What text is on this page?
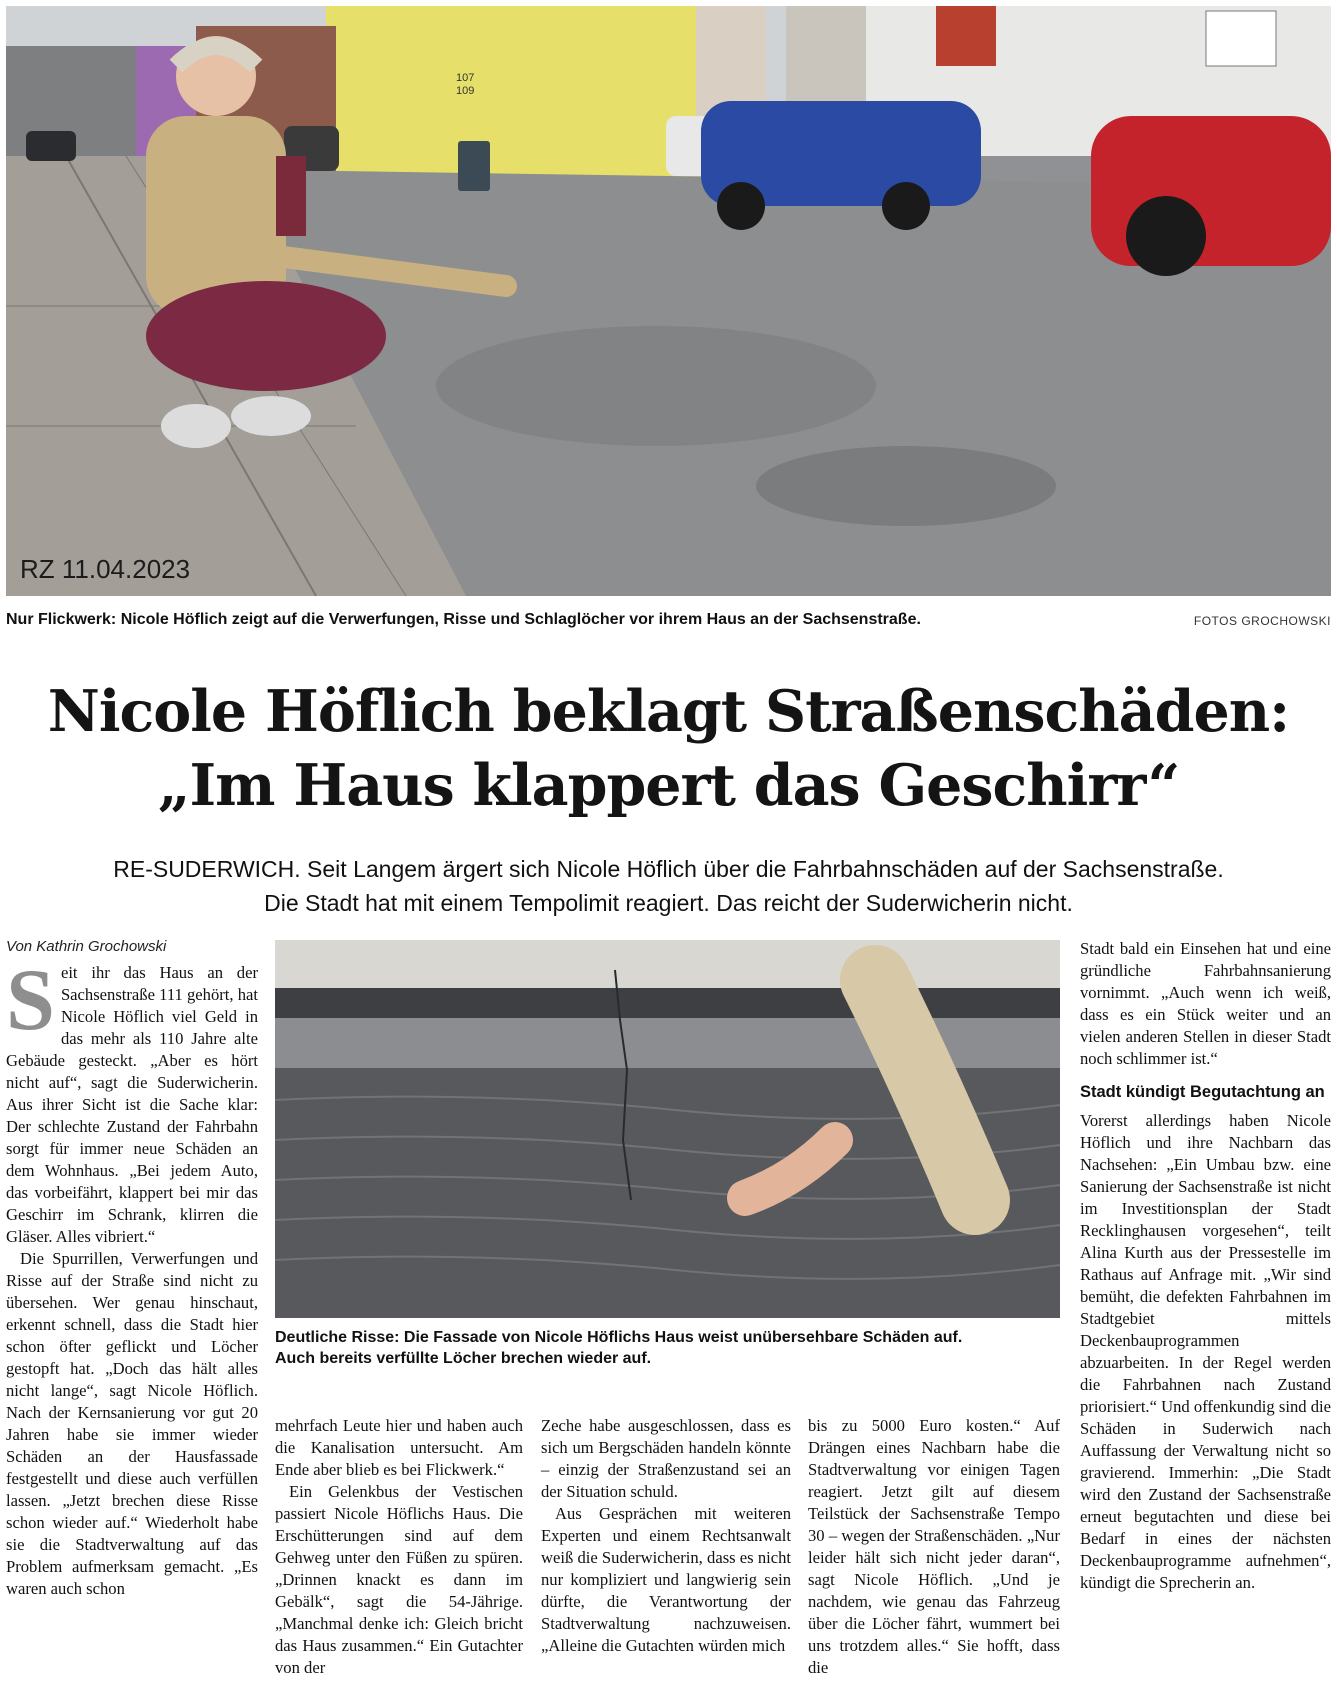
107
109
RZ 11.04.2023
Nur Flickwerk: Nicole Höflich zeigt auf die Verwerfungen, Risse und Schlaglöcher vor ihrem Haus an der Sachsenstraße.	FOTOS GROCHOWSKI
Nicole Höflich beklagt Straßenschäden:
„Im Haus klappert das Geschirr“
RE-SUDERWICH. Seit Langem ärgert sich Nicole Höflich über die Fahrbahnschäden auf der Sachsenstraße.
Die Stadt hat mit einem Tempolimit reagiert. Das reicht der Suderwicherin nicht.
Von Kathrin Grochowski

Seit ihr das Haus an der Sachsenstraße 111 gehört, hat Nicole Höflich viel Geld in das mehr als 110 Jahre alte Gebäude gesteckt. „Aber es hört nicht auf“, sagt die Suderwicherin. Aus ihrer Sicht ist die Sache klar: Der schlechte Zustand der Fahrbahn sorgt für immer neue Schäden an dem Wohnhaus. „Bei jedem Auto, das vorbeifährt, klappert bei mir das Geschirr im Schrank, klirren die Gläser. Alles vibriert.“

Die Spurrillen, Verwerfungen und Risse auf der Straße sind nicht zu übersehen. Wer genau hinschaut, erkennt schnell, dass die Stadt hier schon öfter geflickt und Löcher gestopft hat. „Doch das hält alles nicht lange“, sagt Nicole Höflich. Nach der Kernsanierung vor gut 20 Jahren habe sie immer wieder Schäden an der Hausfassade festgestellt und diese auch verfüllen lassen. „Jetzt brechen diese Risse schon wieder auf.“ Wiederholt habe sie die Stadtverwaltung auf das Problem aufmerksam gemacht. „Es waren auch schon

Deutliche Risse: Die Fassade von Nicole Höflichs Haus weist unübersehbare Schäden auf.
Auch bereits verfüllte Löcher brechen wieder auf.

mehrfach Leute hier und haben auch die Kanalisation untersucht. Am Ende aber blieb es bei Flickwerk.“

Ein Gelenkbus der Vestischen passiert Nicole Höflichs Haus. Die Erschütterungen sind auf dem Gehweg unter den Füßen zu spüren. „Drinnen knackt es dann im Gebälk“, sagt die 54-Jährige. „Manchmal denke ich: Gleich bricht das Haus zusammen.“ Ein Gutachter von der

Zeche habe ausgeschlossen, dass es sich um Bergschäden handeln könnte – einzig der Straßenzustand sei an der Situation schuld.

Aus Gesprächen mit weiteren Experten und einem Rechtsanwalt weiß die Suderwicherin, dass es nicht nur kompliziert und langwierig sein dürfte, die Verantwortung der Stadtverwaltung nachzuweisen. „Alleine die Gutachten würden mich

bis zu 5000 Euro kosten.“ Auf Drängen eines Nachbarn habe die Stadtverwaltung vor einigen Tagen reagiert. Jetzt gilt auf diesem Teilstück der Sachsenstraße Tempo 30 – wegen der Straßenschäden. „Nur leider hält sich nicht jeder daran“, sagt Nicole Höflich. „Und je nachdem, wie genau das Fahrzeug über die Löcher fährt, wummert bei uns trotzdem alles.“ Sie hofft, dass die

Stadt bald ein Einsehen hat und eine gründliche Fahrbahnsanierung vornimmt. „Auch wenn ich weiß, dass es ein Stück weiter und an vielen anderen Stellen in dieser Stadt noch schlimmer ist.“

Stadt kündigt Begutachtung an

Vorerst allerdings haben Nicole Höflich und ihre Nachbarn das Nachsehen: „Ein Umbau bzw. eine Sanierung der Sachsenstraße ist nicht im Investitionsplan der Stadt Recklinghausen vorgesehen“, teilt Alina Kurth aus der Pressestelle im Rathaus auf Anfrage mit. „Wir sind bemüht, die defekten Fahrbahnen im Stadtgebiet mittels Deckenbauprogrammen abzuarbeiten. In der Regel werden die Fahrbahnen nach Zustand priorisiert.“ Und offenkundig sind die Schäden in Suderwich nach Auffassung der Verwaltung nicht so gravierend. Immerhin: „Die Stadt wird den Zustand der Sachsenstraße erneut begutachten und diese bei Bedarf in eines der nächsten Deckenbauprogramme aufnehmen“, kündigt die Sprecherin an.
